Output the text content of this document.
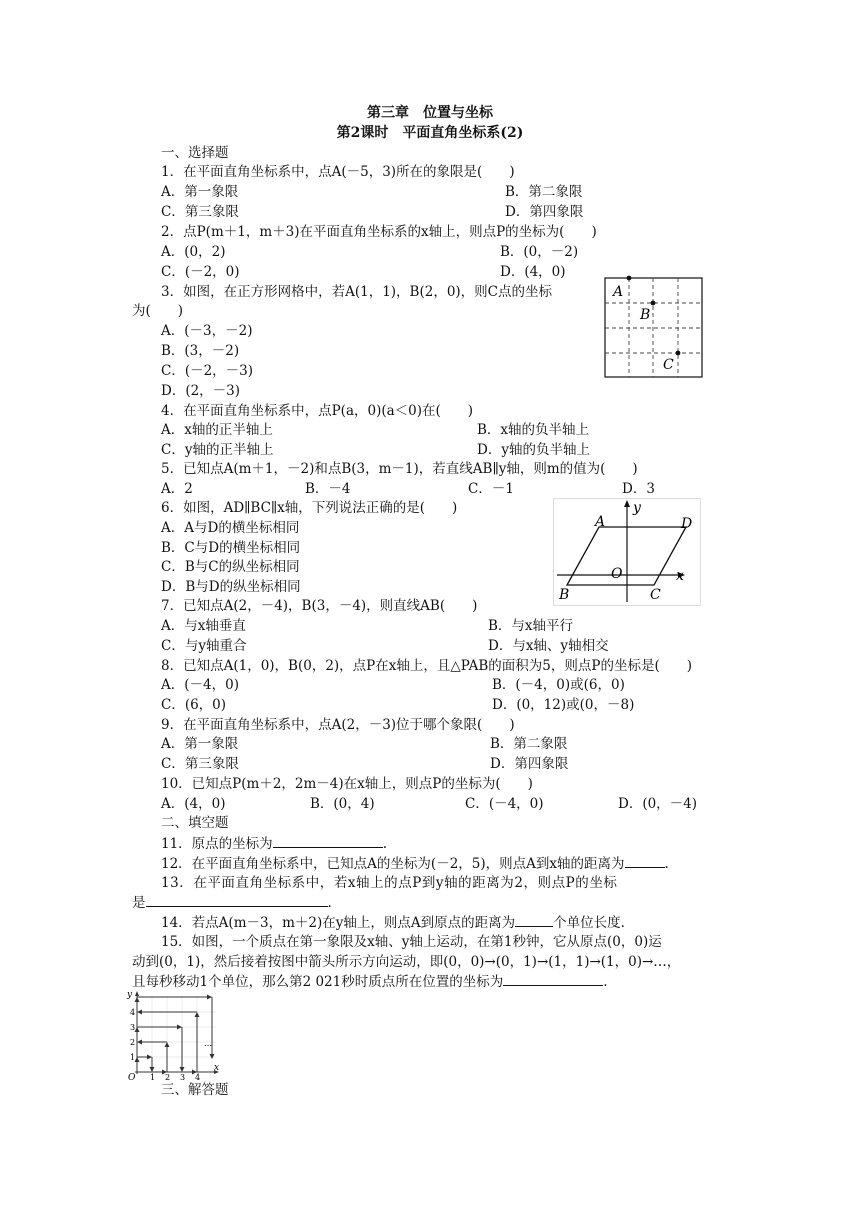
第三章　位置与坐标
第2课时　平面直角坐标系(2)
一、选择题
1．在平面直角坐标系中，点A(－5，3)所在的象限是(　　)
A．第一象限	B．第二象限
C．第三象限	D．第四象限
2．点P(m＋1，m＋3)在平面直角坐标系的x轴上，则点P的坐标为(　　)
A．(0，2)	B．(0，－2)
C．(－2，0)	D．(4，0)
3．如图，在正方形网格中，若A(1，1)，B(2，0)，则C点的坐标
为(　　)
A．(－3，－2)
B．(3，－2)
C．(－2，－3)
D．(2，－3)
A
B
C
4．在平面直角坐标系中，点P(a，0)(a＜0)在(　　)
A．x轴的正半轴上	B．x轴的负半轴上
C．y轴的正半轴上	D．y轴的负半轴上
5．已知点A(m＋1，－2)和点B(3，m－1)，若直线AB∥y轴，则m的值为(　　)
A．2	B．－4	C．－1	D．3
6．如图，AD∥BC∥x轴，下列说法正确的是(　　)
A．A与D的横坐标相同
B．C与D的横坐标相同
C．B与C的纵坐标相同
D．B与D的纵坐标相同
y
A	D
O	x
B	C
7．已知点A(2，－4)，B(3，－4)，则直线AB(　　)
A．与x轴垂直	B．与x轴平行
C．与y轴重合	D．与x轴、y轴相交
8．已知点A(1，0)，B(0，2)，点P在x轴上，且△PAB的面积为5，则点P的坐标是(　　)
A．(－4，0)	B．(－4，0)或(6，0)
C．(6，0)	D．(0，12)或(0，－8)
9．在平面直角坐标系中，点A(2，－3)位于哪个象限(　　)
A．第一象限	B．第二象限
C．第三象限	D．第四象限
10．已知点P(m＋2，2m－4)在x轴上，则点P的坐标为(　　)
A．(4，0)	B．(0，4)	C．(－4，0)	D．(0，－4)
二、填空题
11．原点的坐标为	.
12．在平面直角坐标系中，已知点A的坐标为(－2，5)，则点A到x轴的距离为	.
13．在平面直角坐标系中，若x轴上的点P到y轴的距离为2，则点P的坐标
是	.
14．若点A(m－3，m＋2)在y轴上，则点A到原点的距离为	个单位长度.
15．如图，一个质点在第一象限及x轴、y轴上运动，在第1秒钟，它从原点(0，0)运
动到(0，1)，然后接着按图中箭头所示方向运动，即(0，0)→(0，1)→(1，1)→(1，0)→…，
且每秒移动1个单位，那么第2 021秒时质点所在位置的坐标为	.
y
x
O 1 2 3 4
1
2
3
4
…
三、解答题
